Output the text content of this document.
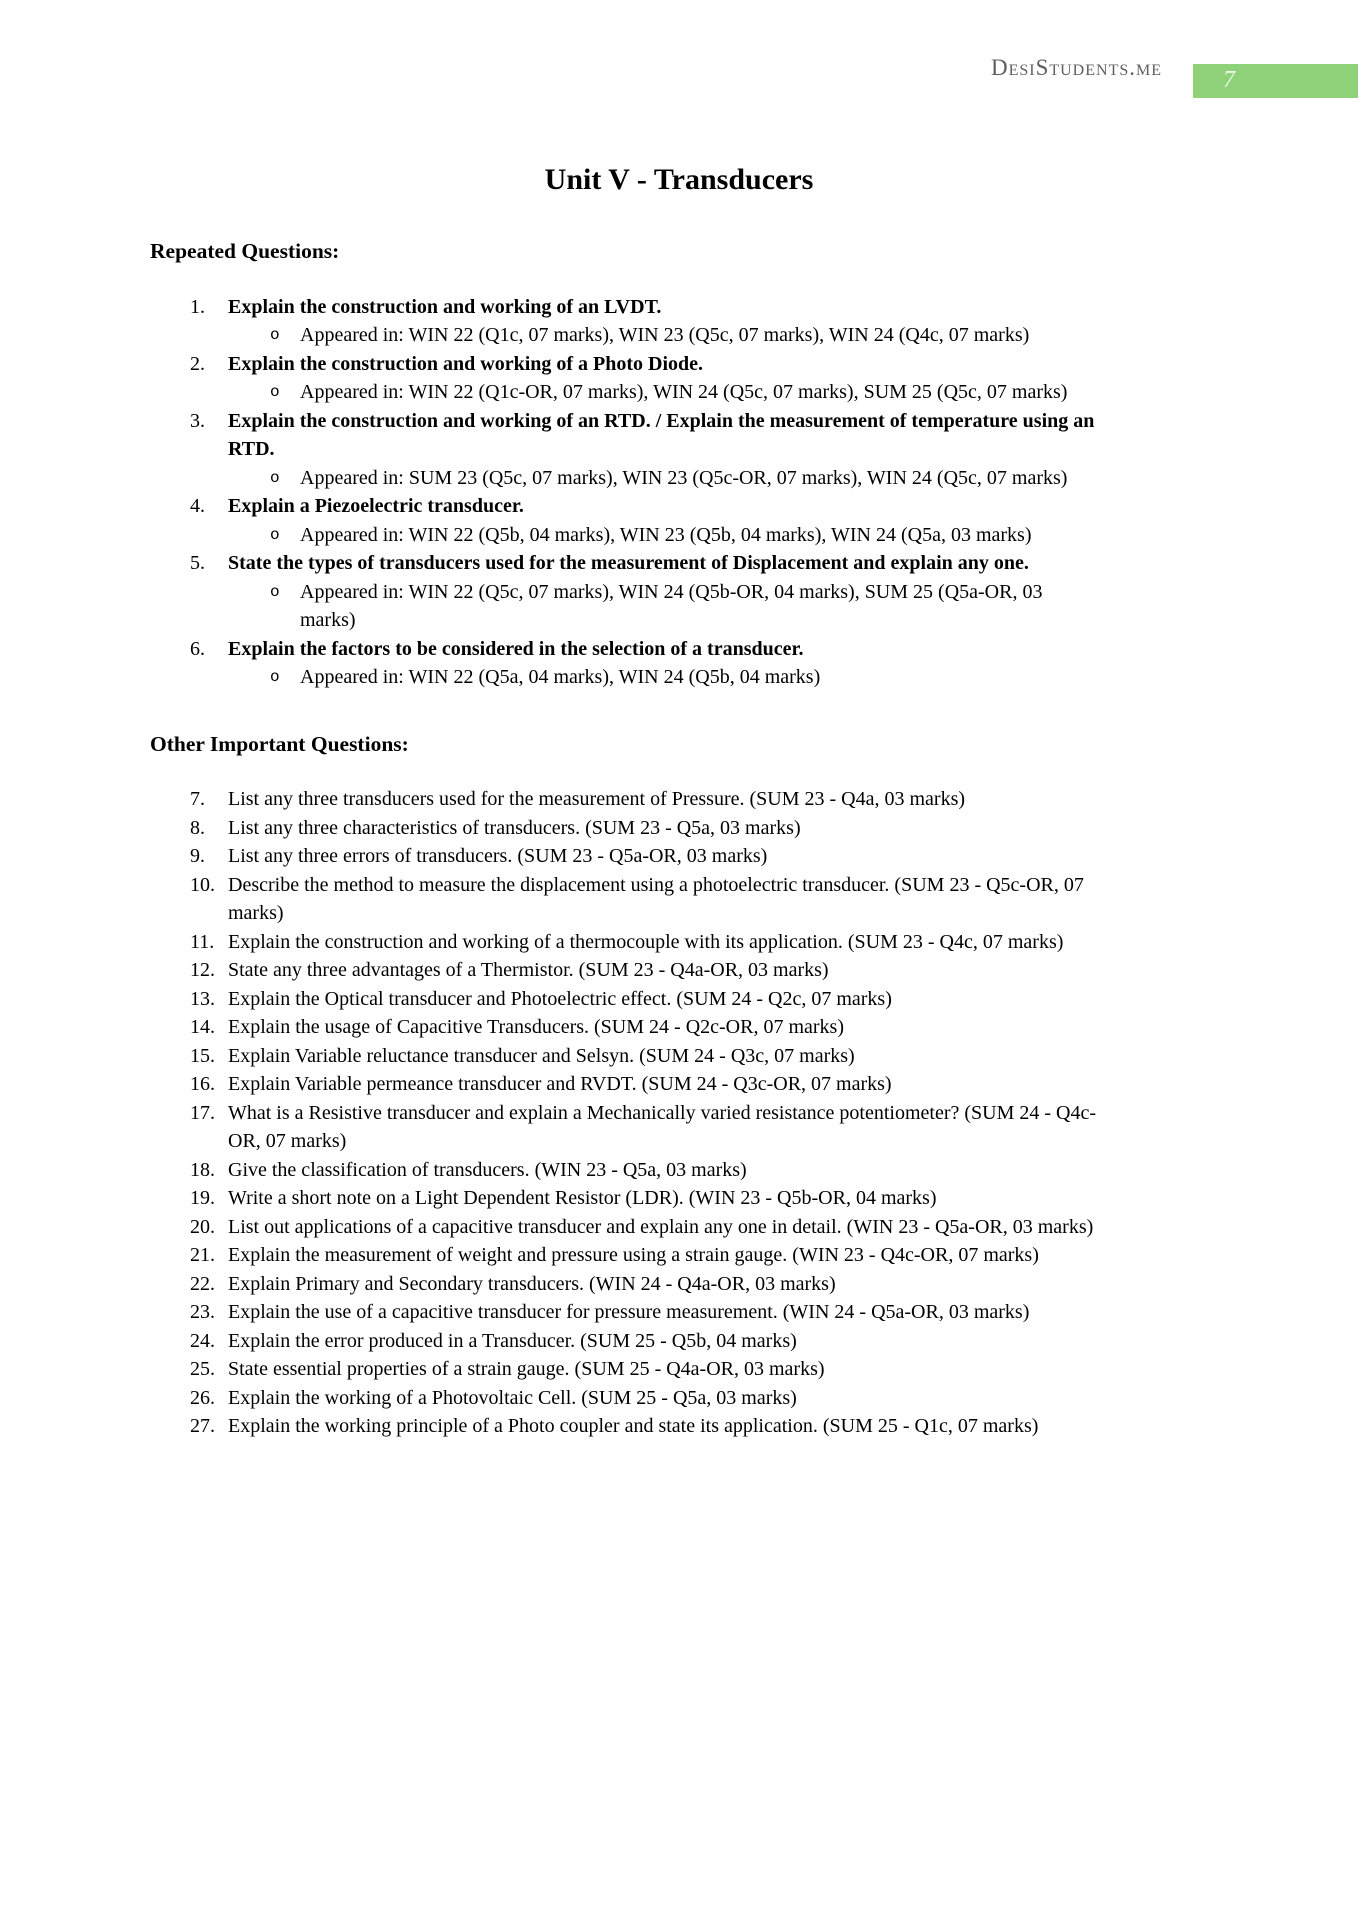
DesiStudents.me	7
Unit V - Transducers
Repeated Questions:
1.	Explain the construction and working of an LVDT.
o	Appeared in: WIN 22 (Q1c, 07 marks), WIN 23 (Q5c, 07 marks), WIN 24 (Q4c, 07 marks)
2.	Explain the construction and working of a Photo Diode.
o	Appeared in: WIN 22 (Q1c-OR, 07 marks), WIN 24 (Q5c, 07 marks), SUM 25 (Q5c, 07 marks)
3.	Explain the construction and working of an RTD. / Explain the measurement of temperature using an RTD.
o	Appeared in: SUM 23 (Q5c, 07 marks), WIN 23 (Q5c-OR, 07 marks), WIN 24 (Q5c, 07 marks)
4.	Explain a Piezoelectric transducer.
o	Appeared in: WIN 22 (Q5b, 04 marks), WIN 23 (Q5b, 04 marks), WIN 24 (Q5a, 03 marks)
5.	State the types of transducers used for the measurement of Displacement and explain any one.
o	Appeared in: WIN 22 (Q5c, 07 marks), WIN 24 (Q5b-OR, 04 marks), SUM 25 (Q5a-OR, 03 marks)
6.	Explain the factors to be considered in the selection of a transducer.
o	Appeared in: WIN 22 (Q5a, 04 marks), WIN 24 (Q5b, 04 marks)
Other Important Questions:
7.	List any three transducers used for the measurement of Pressure. (SUM 23 - Q4a, 03 marks)
8.	List any three characteristics of transducers. (SUM 23 - Q5a, 03 marks)
9.	List any three errors of transducers. (SUM 23 - Q5a-OR, 03 marks)
10. Describe the method to measure the displacement using a photoelectric transducer. (SUM 23 - Q5c-OR, 07 marks)
11. Explain the construction and working of a thermocouple with its application. (SUM 23 - Q4c, 07 marks)
12. State any three advantages of a Thermistor. (SUM 23 - Q4a-OR, 03 marks)
13. Explain the Optical transducer and Photoelectric effect. (SUM 24 - Q2c, 07 marks)
14. Explain the usage of Capacitive Transducers. (SUM 24 - Q2c-OR, 07 marks)
15. Explain Variable reluctance transducer and Selsyn. (SUM 24 - Q3c, 07 marks)
16. Explain Variable permeance transducer and RVDT. (SUM 24 - Q3c-OR, 07 marks)
17. What is a Resistive transducer and explain a Mechanically varied resistance potentiometer? (SUM 24 - Q4c-OR, 07 marks)
18. Give the classification of transducers. (WIN 23 - Q5a, 03 marks)
19. Write a short note on a Light Dependent Resistor (LDR). (WIN 23 - Q5b-OR, 04 marks)
20. List out applications of a capacitive transducer and explain any one in detail. (WIN 23 - Q5a-OR, 03 marks)
21. Explain the measurement of weight and pressure using a strain gauge. (WIN 23 - Q4c-OR, 07 marks)
22. Explain Primary and Secondary transducers. (WIN 24 - Q4a-OR, 03 marks)
23. Explain the use of a capacitive transducer for pressure measurement. (WIN 24 - Q5a-OR, 03 marks)
24. Explain the error produced in a Transducer. (SUM 25 - Q5b, 04 marks)
25. State essential properties of a strain gauge. (SUM 25 - Q4a-OR, 03 marks)
26. Explain the working of a Photovoltaic Cell. (SUM 25 - Q5a, 03 marks)
27. Explain the working principle of a Photo coupler and state its application. (SUM 25 - Q1c, 07 marks)
